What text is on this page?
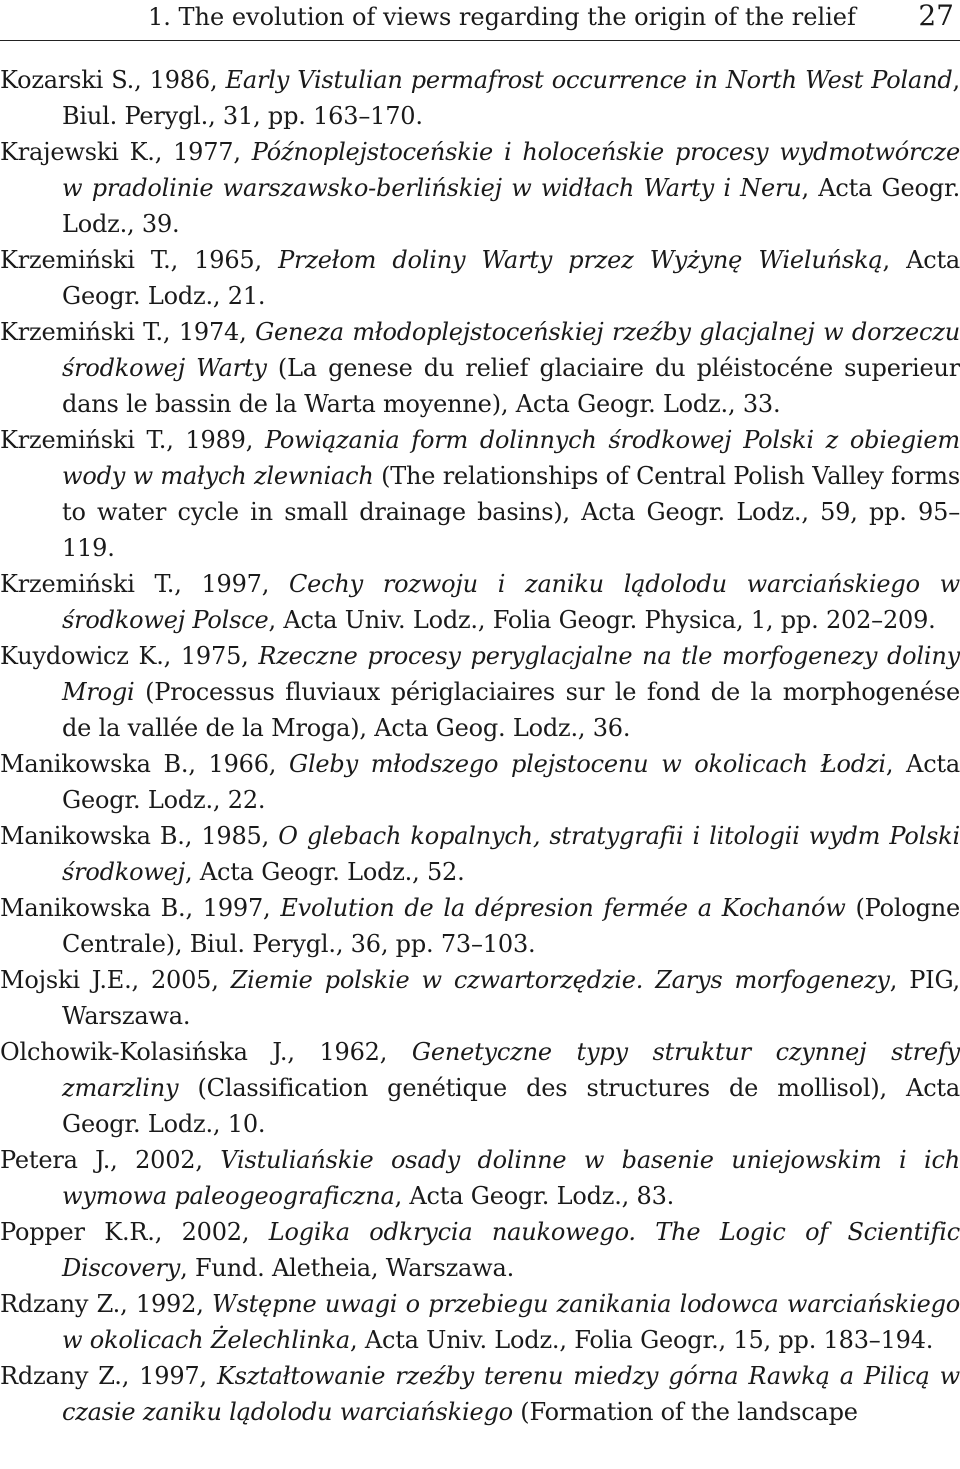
1. The evolution of views regarding the origin of the relief 27

Kozarski S., 1986, Early Vistulian permafrost occurrence in North West Poland, Biul. Perygl., 31, pp. 163–170.

Krajewski K., 1977, Późnoplejstoceńskie i holoceńskie procesy wydmotwórcze w pradolinie warszawsko-berlińskiej w widłach Warty i Neru, Acta Geogr. Lodz., 39.

Krzemiński T., 1965, Przełom doliny Warty przez Wyżynę Wieluńską, Acta Geogr. Lodz., 21.

Krzemiński T., 1974, Geneza młodoplejstoceńskiej rzeźby glacjalnej w dorzeczu środkowej Warty (La genese du relief glaciaire du pléistocéne superieur dans le bassin de la Warta moyenne), Acta Geogr. Lodz., 33.

Krzemiński T., 1989, Powiązania form dolinnych środkowej Polski z obiegiem wody w małych zlewniach (The relationships of Central Polish Valley forms to water cycle in small drainage basins), Acta Geogr. Lodz., 59, pp. 95–119.

Krzemiński T., 1997, Cechy rozwoju i zaniku lądolodu warciańskiego w środkowej Polsce, Acta Univ. Lodz., Folia Geogr. Physica, 1, pp. 202–209.

Kuydowicz K., 1975, Rzeczne procesy peryglacjalne na tle morfogenezy doliny Mrogi (Processus fluviaux périglaciaires sur le fond de la morphogenése de la vallée de la Mroga), Acta Geog. Lodz., 36.

Manikowska B., 1966, Gleby młodszego plejstocenu w okolicach Łodzi, Acta Geogr. Lodz., 22.

Manikowska B., 1985, O glebach kopalnych, stratygrafii i litologii wydm Polski środkowej, Acta Geogr. Lodz., 52.

Manikowska B., 1997, Evolution de la dépresion fermée a Kochanów (Pologne Centrale), Biul. Perygl., 36, pp. 73–103.

Mojski J.E., 2005, Ziemie polskie w czwartorzędzie. Zarys morfogenezy, PIG, Warszawa.

Olchowik-Kolasińska J., 1962, Genetyczne typy struktur czynnej strefy zmarzliny (Classification genétique des structures de mollisol), Acta Geogr. Lodz., 10.

Petera J., 2002, Vistuliańskie osady dolinne w basenie uniejowskim i ich wymowa paleogeograficzna, Acta Geogr. Lodz., 83.

Popper K.R., 2002, Logika odkrycia naukowego. The Logic of Scientific Discovery, Fund. Aletheia, Warszawa.

Rdzany Z., 1992, Wstępne uwagi o przebiegu zanikania lodowca warciańskiego w okolicach Żelechlinka, Acta Univ. Lodz., Folia Geogr., 15, pp. 183–194.

Rdzany Z., 1997, Kształtowanie rzeźby terenu miedzy górna Rawką a Pilicą w czasie zaniku lądolodu warciańskiego (Formation of the landscape
